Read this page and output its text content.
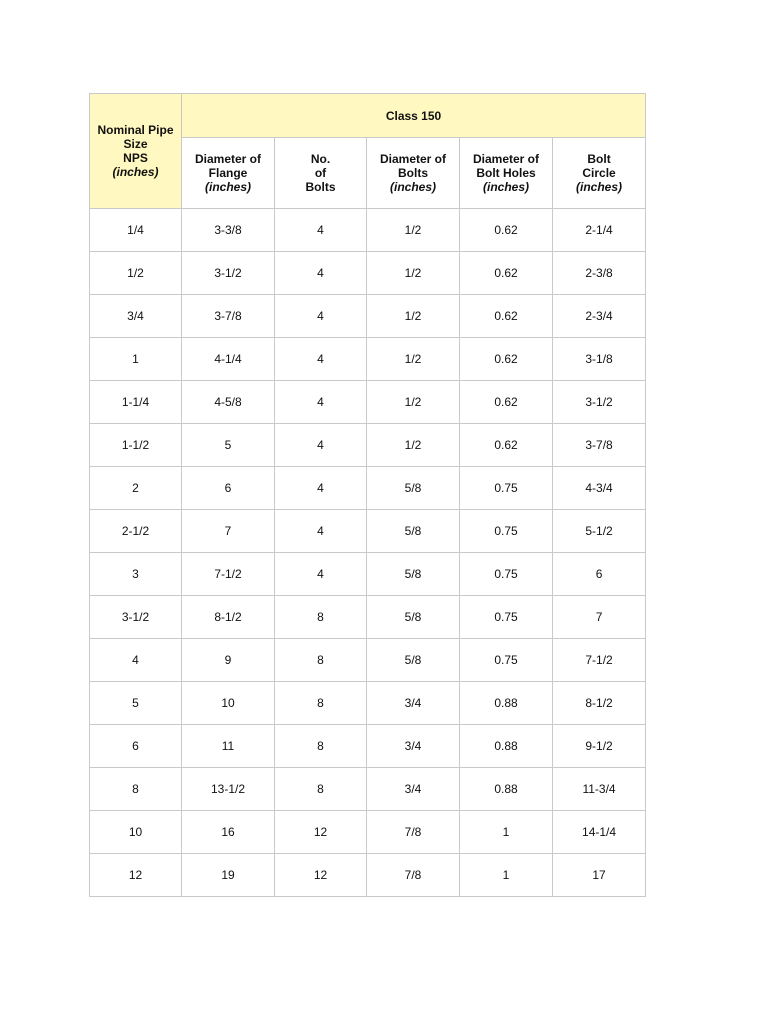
Nominal Pipe
Size
NPS
(inches)	Class 150				

	Diameter of
Flange
(inches)	No.
of
Bolts	Diameter of
Bolts
(inches)	Diameter of
Bolt Holes
(inches)	Bolt
Circle
(inches)

1/4	3-3/8	4	1/2	0.62	2-1/4
1/2	3-1/2	4	1/2	0.62	2-3/8
3/4	3-7/8	4	1/2	0.62	2-3/4
1	4-1/4	4	1/2	0.62	3-1/8
1-1/4	4-5/8	4	1/2	0.62	3-1/2
1-1/2	5	4	1/2	0.62	3-7/8
2	6	4	5/8	0.75	4-3/4
2-1/2	7	4	5/8	0.75	5-1/2
3	7-1/2	4	5/8	0.75	6
3-1/2	8-1/2	8	5/8	0.75	7
4	9	8	5/8	0.75	7-1/2
5	10	8	3/4	0.88	8-1/2
6	11	8	3/4	0.88	9-1/2
8	13-1/2	8	3/4	0.88	11-3/4
10	16	12	7/8	1	14-1/4
12	19	12	7/8	1	17
